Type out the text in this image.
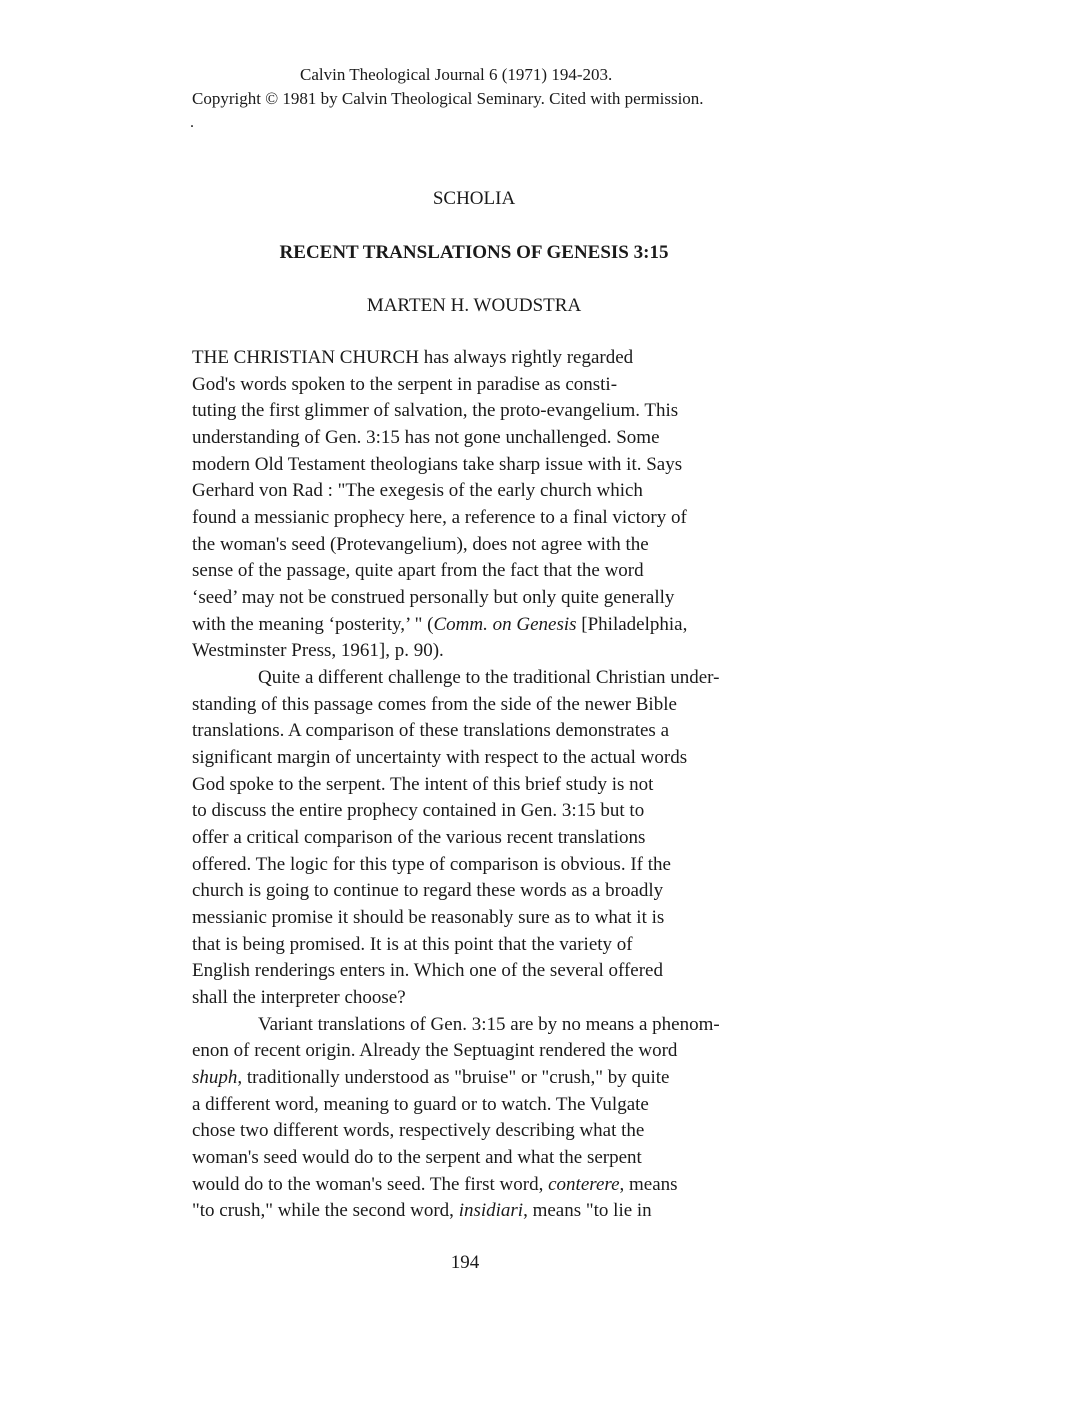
Calvin Theological Journal 6 (1971) 194-203.
Copyright © 1981 by Calvin Theological Seminary. Cited with permission.
.
SCHOLIA
RECENT TRANSLATIONS OF GENESIS 3:15
MARTEN H. WOUDSTRA
THE CHRISTIAN CHURCH has always rightly regarded
God's words spoken to the serpent in paradise as consti-
tuting the first glimmer of salvation, the proto-evangelium. This
understanding of Gen. 3:15 has not gone unchallenged. Some
modern Old Testament theologians take sharp issue with it. Says
Gerhard von Rad : "The exegesis of the early church which
found a messianic prophecy here, a reference to a final victory of
the woman's seed (Protevangelium), does not agree with the
sense of the passage, quite apart from the fact that the word
‘seed’ may not be construed personally but only quite generally
with the meaning ‘posterity,’ " (Comm. on Genesis [Philadelphia,
Westminster Press, 1961], p. 90).
Quite a different challenge to the traditional Christian under-
standing of this passage comes from the side of the newer Bible
translations. A comparison of these translations demonstrates a
significant margin of uncertainty with respect to the actual words
God spoke to the serpent. The intent of this brief study is not
to discuss the entire prophecy contained in Gen. 3:15 but to
offer a critical comparison of the various recent translations
offered. The logic for this type of comparison is obvious. If the
church is going to continue to regard these words as a broadly
messianic promise it should be reasonably sure as to what it is
that is being promised. It is at this point that the variety of
English renderings enters in. Which one of the several offered
shall the interpreter choose?
Variant translations of Gen. 3:15 are by no means a phenom-
enon of recent origin. Already the Septuagint rendered the word
shuph, traditionally understood as "bruise" or "crush," by quite
a different word, meaning to guard or to watch. The Vulgate
chose two different words, respectively describing what the
woman's seed would do to the serpent and what the serpent
would do to the woman's seed. The first word, conterere, means
"to crush," while the second word, insidiari, means "to lie in
194
